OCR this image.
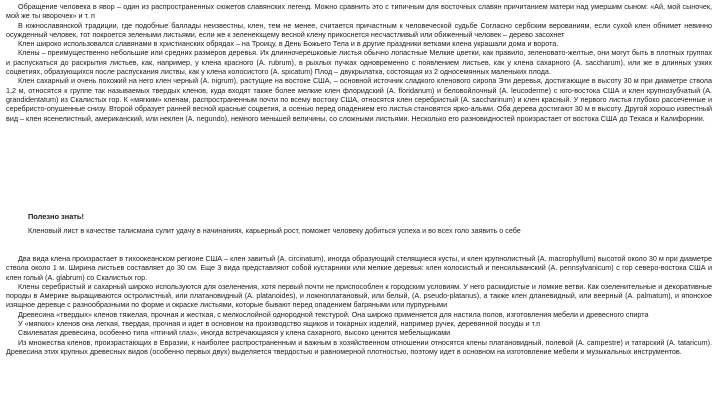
Обращение человека в явор – один из распространенных сюжетов славянских легенд. Можно сравнить это с типичным для восточных славян причитанием матери над умершим сыном: «Ай, мой сыночек, мой же ты яворочек» и т. п

В южнославянской традиции, где подобные баллады неизвестны, клен, тем не менее, считается причастным к человеческой судьбе Согласно сербским верованиям, если сухой клен обнимет невинно осужденный человек, тот покроется зелеными листьями, если же к зеленеющему весной клену прикоснется несчастливый или обиженный человек – дерево засохнет

Клен широко использовался славянами в христианских обрядах – на Троицу, в День Божьего Тела и в другие праздники ветками клена украшали дома и ворота.

Клены – преимущественно небольшие или средних размеров деревья. Их длинночерешковые листья обычно лопастные Мелкие цветки, как правило, зеленовато-желтые, они могут быть в плотных группах и распускаться до раскрытия листьев, как, например, у клена красного (A. rubrum), в рыхлых пучках одновременно с появлением листьев, как у клена сахарного (A. saccharum), или же в длинных узких соцветиях, образующихся после распускания листвы, как у клена колосистого (A. spicatum) Плод – двукрылатка, состоящая из 2 односемянных маленьких плода.

Клен сахарный и очень похожий на него клен черный (A. nigrum), растущие на востоке США, – основной источник сладкого кленового сиропа Эти деревья, достигающие в высоту 30 м при диаметре ствола 1,2 м, относятся к группе так называемых твердых кленов, куда входят также более мелкие клен флоридский (A. floridanum) и беловойлочный (A. leucoderme) с юго-востока США и клен крупнозубчатый (A. grandidentatum) из Скалистых гор. К «мягким» кленам, распространенным почти по всему востоку США, относятся клен серебристый (A. saccharinum) и клен красный. У первого листья глубоко рассеченные и серебристо-опушенные снизу. Второй образует ранней весной красные соцветия, а осенью перед опадением его листья становятся ярко-алыми. Оба дерева достигают 30 м в высоту. Другой хорошо известный вид – клен ясенелистный, американский, или неклен (A. negundo), немного меньшей величины, со сложными листьями. Несколько его разновидностей произрастает от востока США до Техаса и Калифорнии.

Полезно знать!

Кленовый лист в качестве талисмана сулит удачу в начинаниях, карьерный рост, поможет человеку добиться успеха и во всех голо заявить о себе

Два вида клена произрастает в тихоокеанском регионе США – клен завитый (A. circinatum), иногда образующий стелящиеся кусты, и клен крупнолистный (A. macrophyllum) высотой около 30 м при диаметре ствола около 1 м. Ширина листьев составляет до 30 см. Еще 3 вида представляют собой кустарники или мелкие деревья: клен колосистый и пенсильванский (A. pennsylvanicum) с гор северо-востока США и клен голый (A. glabrum) со Скалистых гор.

Клены серебристый и сахарный широко используются для озеленения, хотя первый почти не приспособлен к городским условиям. У него раскидистые и ломкие ветви. Как озеленительные и декоративные породы в Америке выращиваются остролистный, или платановидный (A. platanoides), и ложноплатановый, или белый, (A. pseudo-platanus), а также клен дланевидный, или веерный (A. palmatum), и японское изящное деревце с разнообразными по форме и окраске листьями, которые бывают перед опадением багряными или пурпурными

Древесина «твердых» кленов тяжелая, прочная и жесткая, с мелкослойной однородной текстурой. Она широко применяется для настила полов, изготовления мебели и древесного спирта

У «мягких» кленов она легкая, твердая, прочная и идет в основном на производство ящиков и токарных изделий, например ручек, деревянной посуды и т.п

Свилеватая древесина, особенно типа «птичий глаз», иногда встречающаяся у клена сахарного, высоко ценится мебельщиками

Из множества кленов, произрастающих в Евразии, к наиболее распространенным и важным в хозяйственном отношении относятся клены платановидный, полевой (A. campestre) и татарский (A. tataricum). Древесина этих крупных древесных видов (особенно первых двух) выделяется твердостью и равномерной плотностью, поэтому идет в основном на изготовление мебели и музыкальных инструментов.
